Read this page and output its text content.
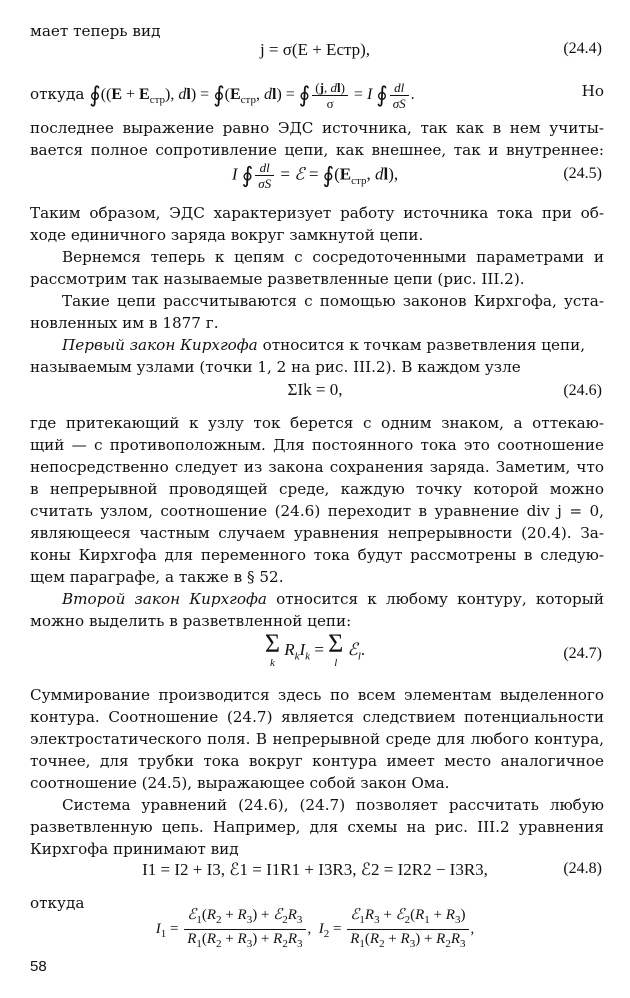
мает теперь вид
j = σ(E + Eстр),	(24.4)
откуда ∮((E + $E_{стр}$), $dl) = ∮(E_{стр}$, dl) = ∮ $\frac{(j, dl)}{\sigma} = I$ ∮ $\frac{dl}{\sigma S}$ .	Но
последнее выражение равно ЭДС источника, так как в нем учиты-
вается полное сопротивление цепи, как внешнее, так и внутреннее:
I ∮ $\frac{dl}{\sigma S}$ = ℰ = $∮(E_{стр}$, dl),	(24.5)
Таким образом, ЭДС характеризует работу источника тока при об-
ходе единичного заряда вокруг замкнутой цепи.
Вернемся теперь к цепям с сосредоточенными параметрами и
рассмотрим так называемые разветвленные цепи (рис. III.2).
Такие цепи рассчитываются с помощью законов Кирхгофа, уста-
новленных им в 1877 г.
Первый закон Кирхгофа относится к точкам разветвления цепи,
называемым узлами (точки 1, 2 на рис. III.2). В каждом узле
ΣIk = 0,	(24.6)
где притекающий к узлу ток берется с одним знаком, а оттекаю-
щий — с противоположным. Для постоянного тока это соотношение
непосредственно следует из закона сохранения заряда. Заметим, что
в непрерывной проводящей среде, каждую точку которой можно
считать узлом, соотношение (24.6) переходит в уравнение div j = 0,
являющееся частным случаем уравнения непрерывности (20.4). За-
коны Кирхгофа для переменного тока будут рассмотрены в следую-
щем параграфе, а также в § 52.
Второй закон Кирхгофа относится к любому контуру, который
можно выделить в разветвленной цепи:
Σ
k
$R_kI_k = \Sigma$
l
ℰ$_l$.	(24.7)
Суммирование производится здесь по всем элементам выделенного
контура. Соотношение (24.7) является следствием потенциальности
электростатического поля. В непрерывной среде для любого контура,
точнее, для трубки тока вокруг контура имеет место аналогичное
соотношение (24.5), выражающее собой закон Ома.
Система уравнений (24.6), (24.7) позволяет рассчитать любую
разветвленную цепь. Например, для схемы на рис. III.2 уравнения
Кирхгофа принимают вид
I1 = I2 + I3, ℰ1 = I1R1 + I3R3, ℰ2 = I2R2 − I3R3,	(24.8)
откуда
$I_1 = \frac{ℰ_1(R_2 + R_3) + ℰ_2R_3}{R_1(R_2 + R_3) + R_2R_3}$ ,  $I_2 = \frac{ℰ_1R_3 + ℰ_2(R_1 + R_3)}{R_1(R_2 + R_3) + R_2R_3}$ ,
58
